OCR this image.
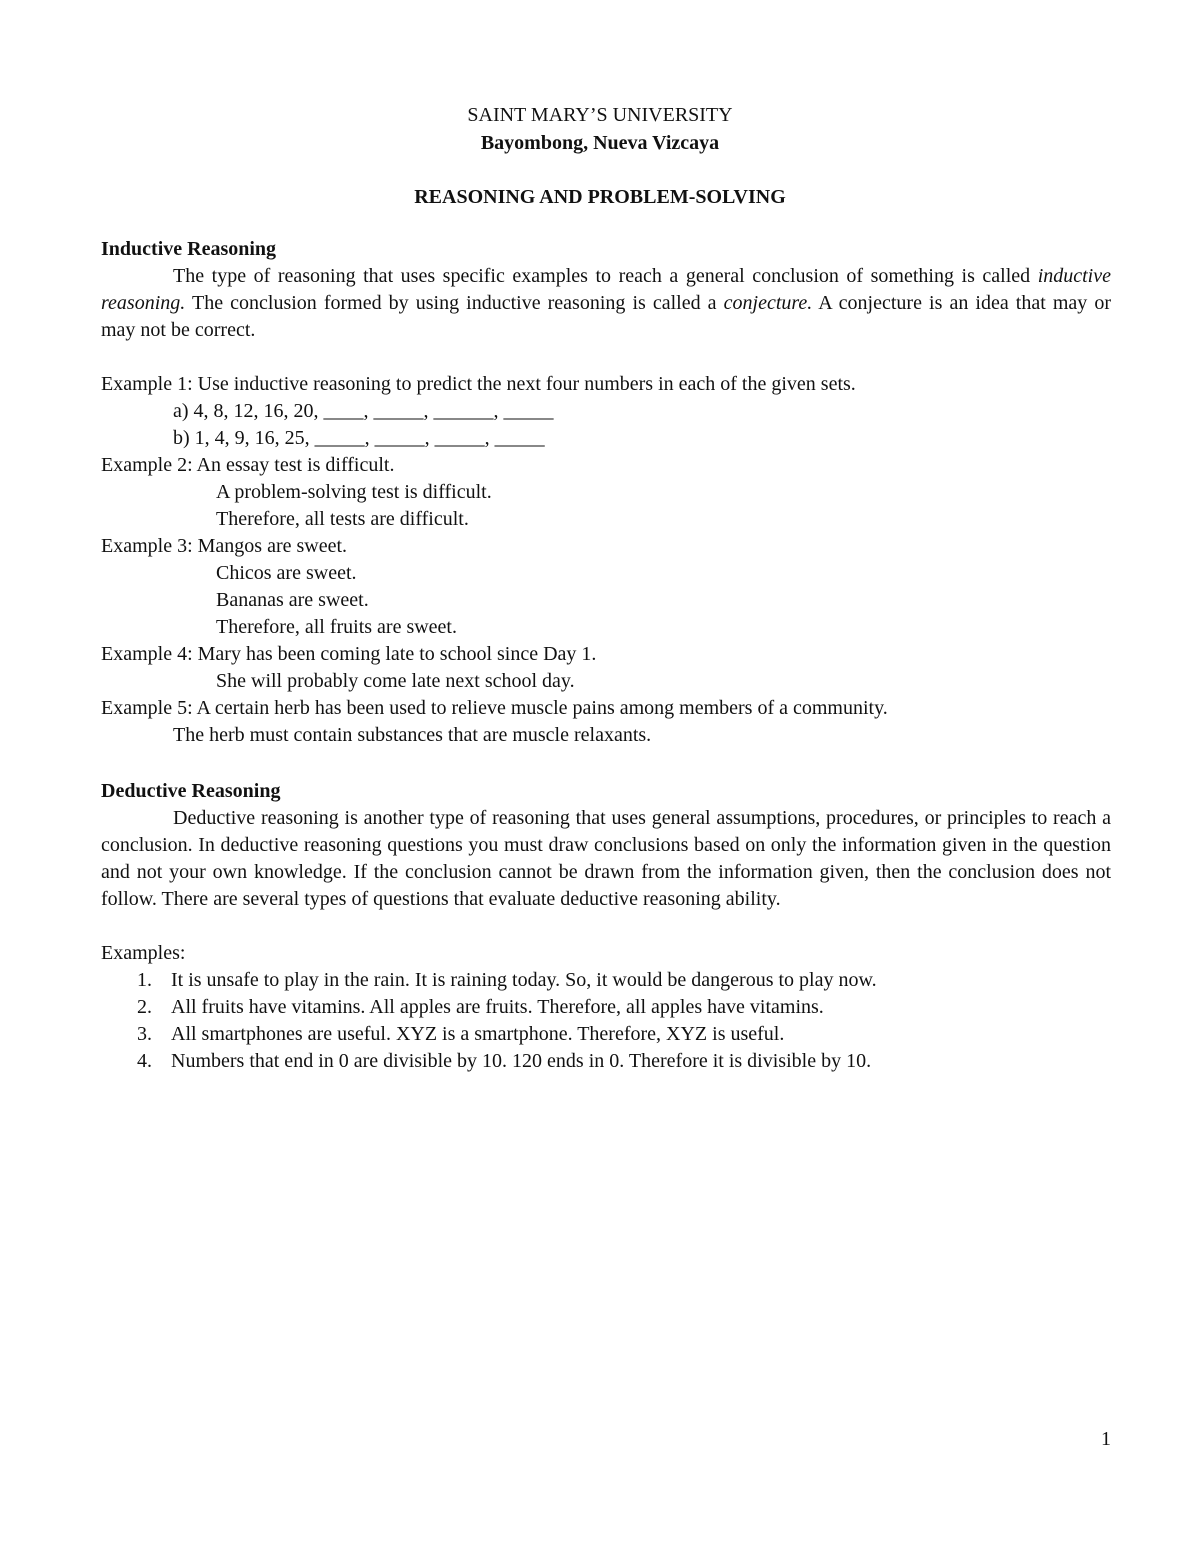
SAINT MARY’S UNIVERSITY
Bayombong, Nueva Vizcaya
REASONING AND PROBLEM-SOLVING
Inductive Reasoning
The type of reasoning that uses specific examples to reach a general conclusion of something is called inductive reasoning. The conclusion formed by using inductive reasoning is called a conjecture. A conjecture is an idea that may or may not be correct.
Example 1: Use inductive reasoning to predict the next four numbers in each of the given sets.
a) 4, 8, 12, 16, 20, ____, _____, ______, _____
b) 1, 4, 9, 16, 25, _____, _____, _____, _____
Example 2: An essay test is difficult.
A problem-solving test is difficult.
Therefore, all tests are difficult.
Example 3: Mangos are sweet.
Chicos are sweet.
Bananas are sweet.
Therefore, all fruits are sweet.
Example 4: Mary has been coming late to school since Day 1.
She will probably come late next school day.
Example 5: A certain herb has been used to relieve muscle pains among members of a community.
The herb must contain substances that are muscle relaxants.
Deductive Reasoning
Deductive reasoning is another type of reasoning that uses general assumptions, procedures, or principles to reach a conclusion. In deductive reasoning questions you must draw conclusions based on only the information given in the question and not your own knowledge. If the conclusion cannot be drawn from the information given, then the conclusion does not follow. There are several types of questions that evaluate deductive reasoning ability.
Examples:
1. It is unsafe to play in the rain. It is raining today. So, it would be dangerous to play now.
2. All fruits have vitamins. All apples are fruits. Therefore, all apples have vitamins.
3. All smartphones are useful. XYZ is a smartphone. Therefore, XYZ is useful.
4. Numbers that end in 0 are divisible by 10. 120 ends in 0. Therefore it is divisible by 10.
1
